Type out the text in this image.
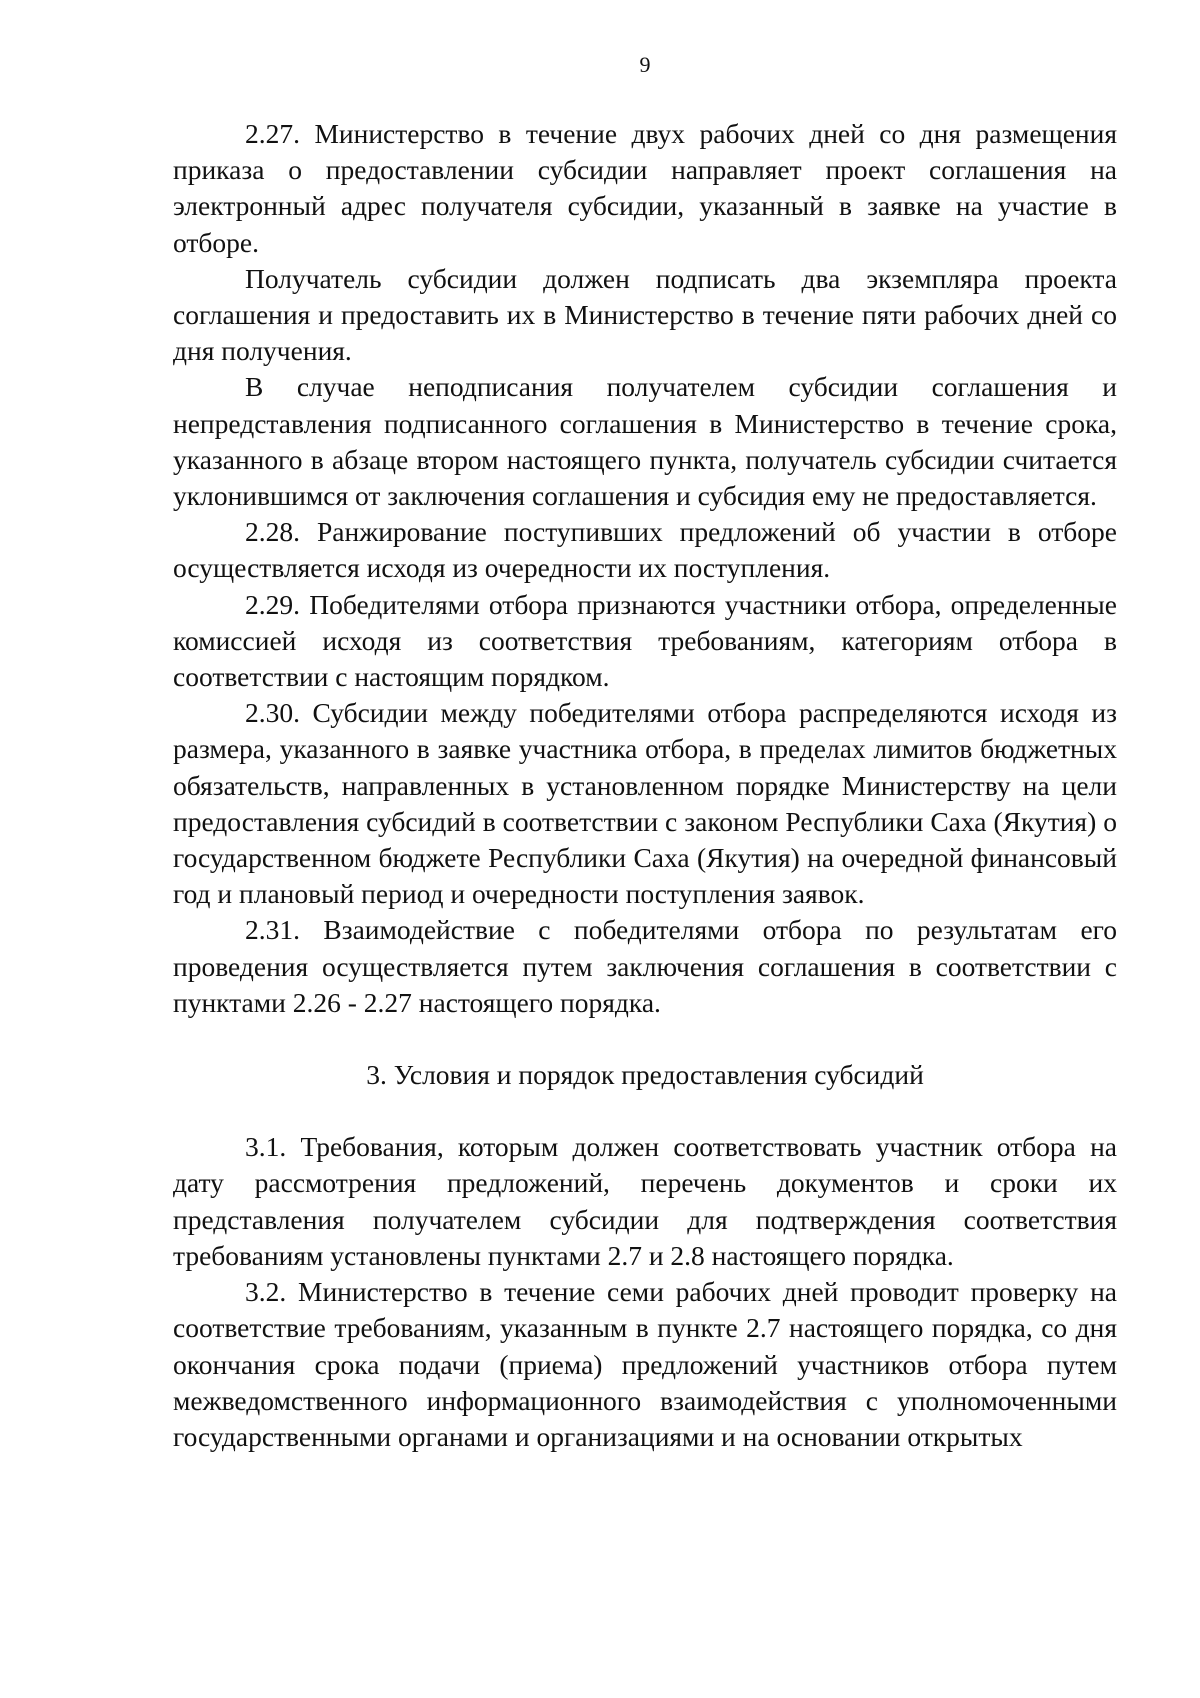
9

2.27. Министерство в течение двух рабочих дней со дня размещения приказа о предоставлении субсидии направляет проект соглашения на электронный адрес получателя субсидии, указанный в заявке на участие в отборе.

Получатель субсидии должен подписать два экземпляра проекта соглашения и предоставить их в Министерство в течение пяти рабочих дней со дня получения.

В случае неподписания получателем субсидии соглашения и непредставления подписанного соглашения в Министерство в течение срока, указанного в абзаце втором настоящего пункта, получатель субсидии считается уклонившимся от заключения соглашения и субсидия ему не предоставляется.

2.28. Ранжирование поступивших предложений об участии в отборе осуществляется исходя из очередности их поступления.

2.29. Победителями отбора признаются участники отбора, определенные комиссией исходя из соответствия требованиям, категориям отбора в соответствии с настоящим порядком.

2.30. Субсидии между победителями отбора распределяются исходя из размера, указанного в заявке участника отбора, в пределах лимитов бюджетных обязательств, направленных в установленном порядке Министерству на цели предоставления субсидий в соответствии с законом Республики Саха (Якутия) о государственном бюджете Республики Саха (Якутия) на очередной финансовый год и плановый период и очередности поступления заявок.

2.31. Взаимодействие с победителями отбора по результатам его проведения осуществляется путем заключения соглашения в соответствии с пунктами 2.26 - 2.27 настоящего порядка.

3. Условия и порядок предоставления субсидий

3.1. Требования, которым должен соответствовать участник отбора на дату рассмотрения предложений, перечень документов и сроки их представления получателем субсидии для подтверждения соответствия требованиям установлены пунктами 2.7 и 2.8 настоящего порядка.

3.2. Министерство в течение семи рабочих дней проводит проверку на соответствие требованиям, указанным в пункте 2.7 настоящего порядка, со дня окончания срока подачи (приема) предложений участников отбора путем межведомственного информационного взаимодействия с уполномоченными государственными органами и организациями и на основании открытых
